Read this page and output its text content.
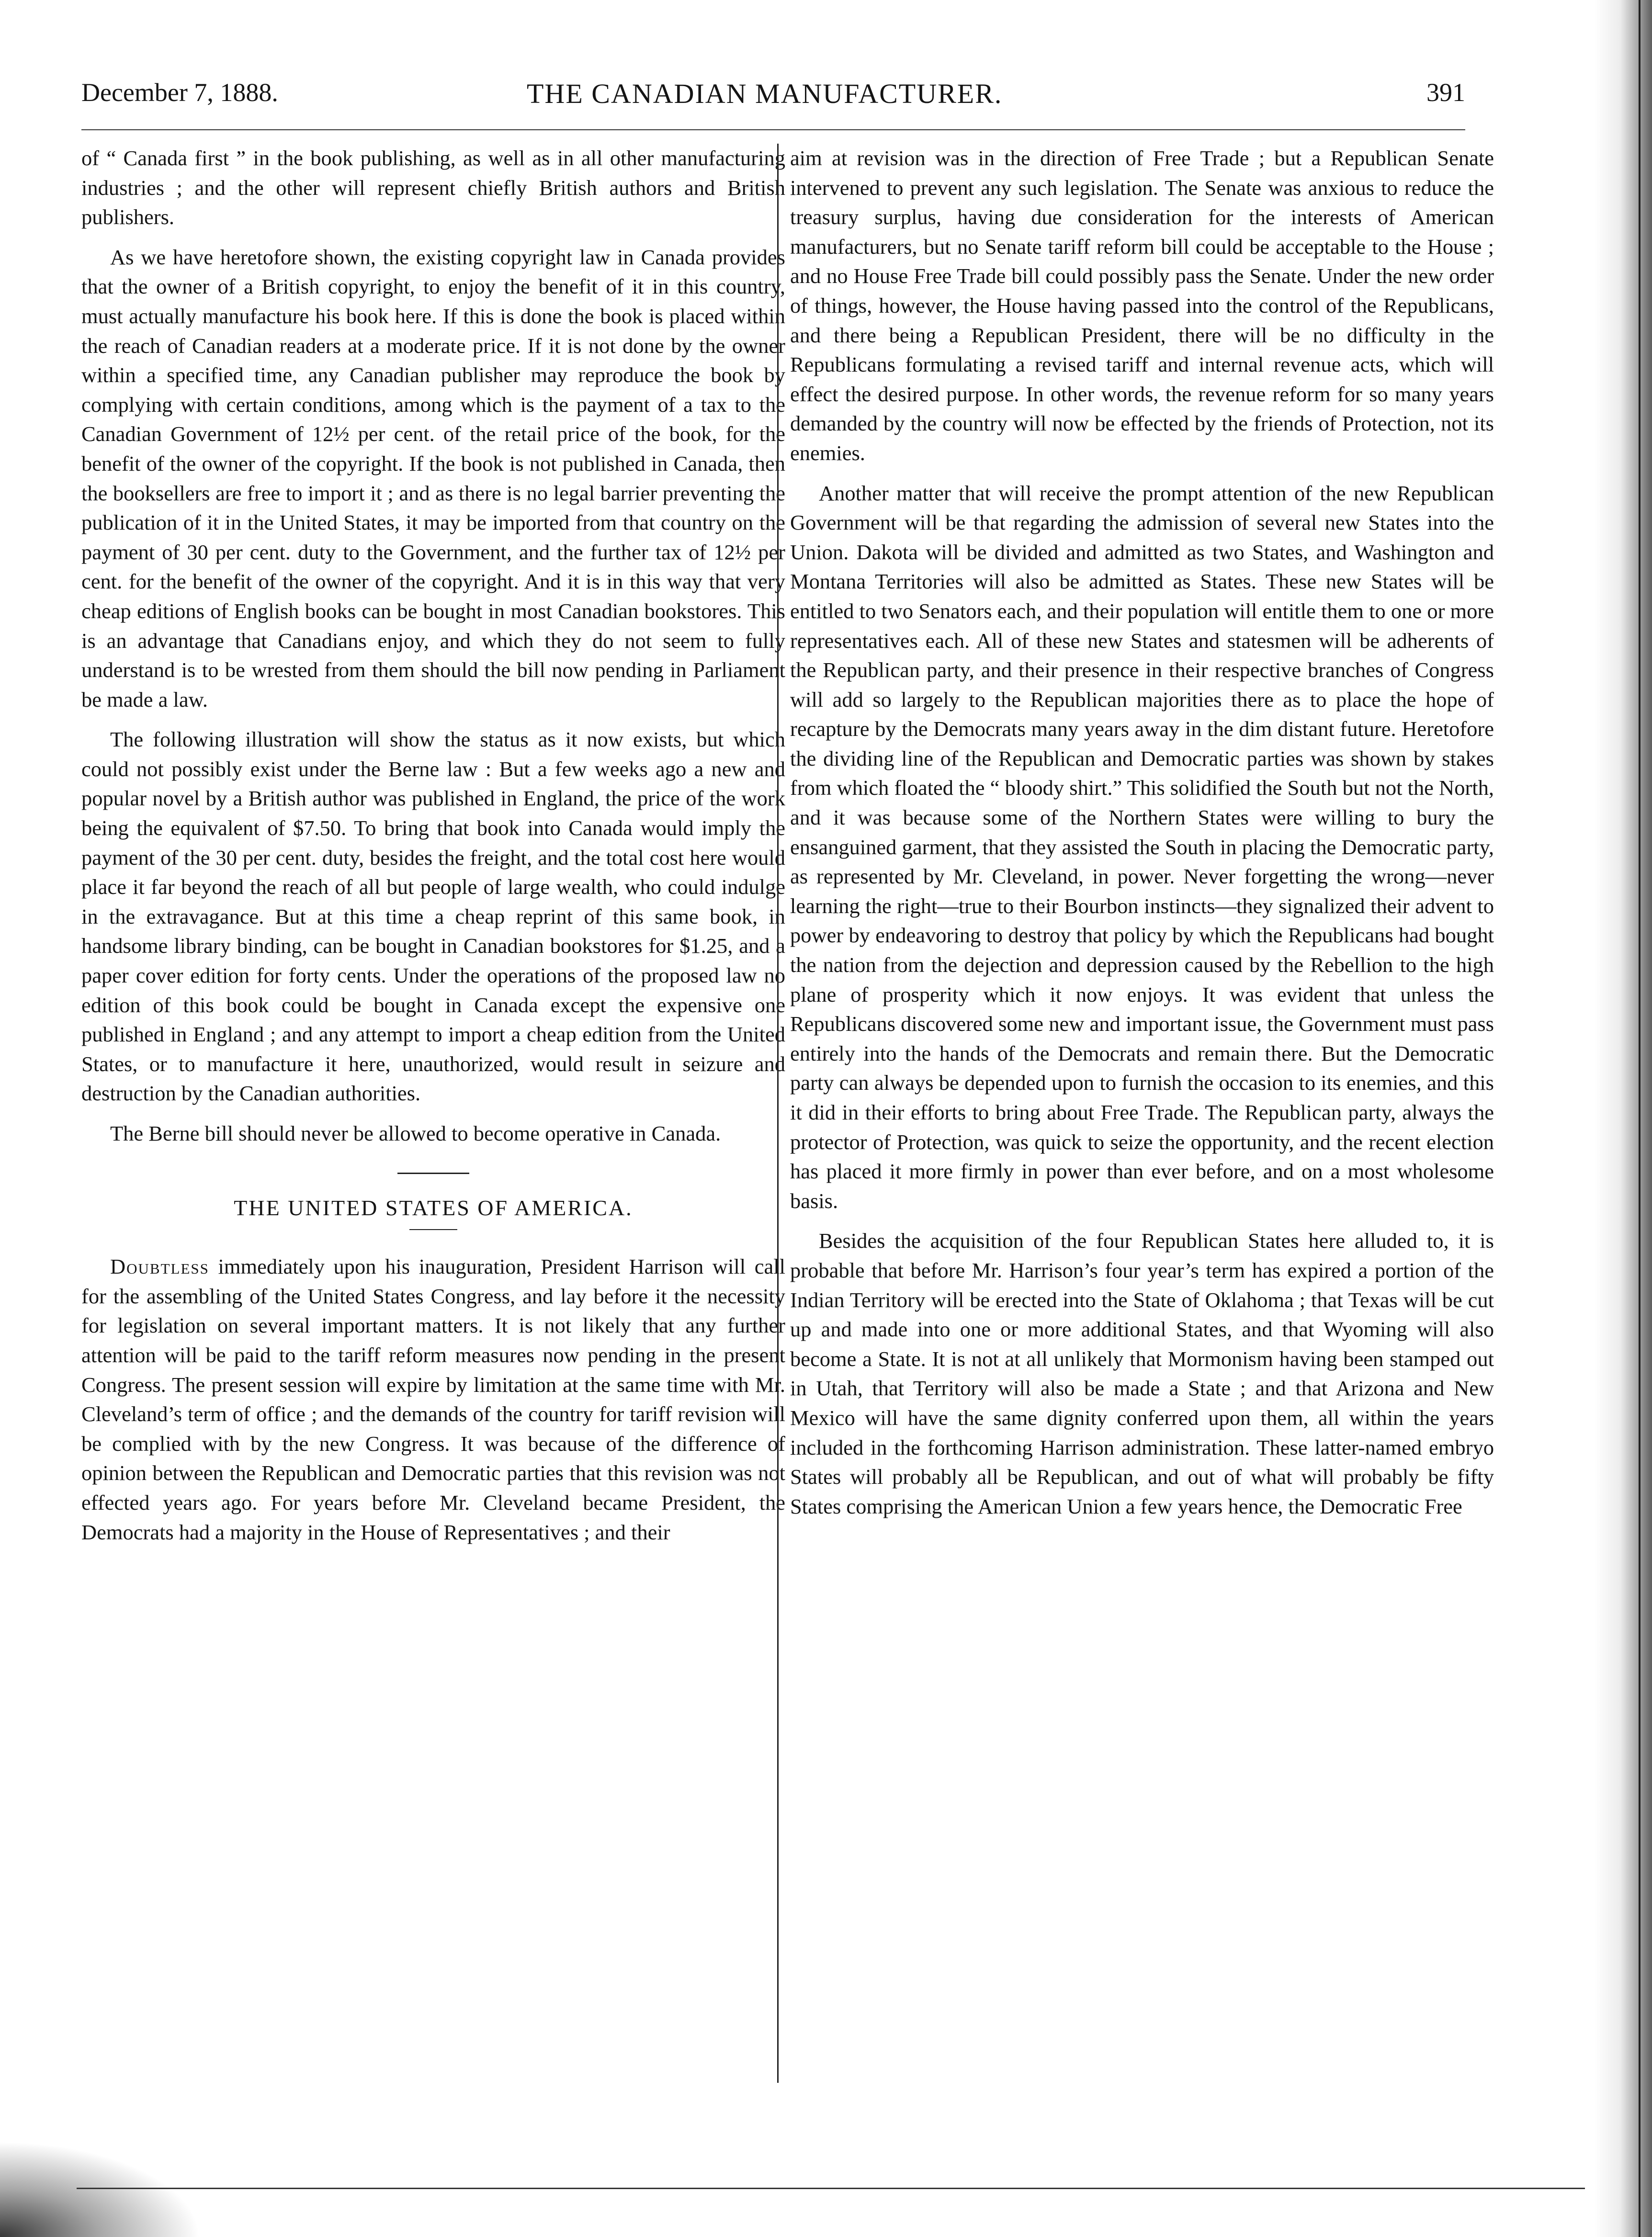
December 7, 1888.	THE CANADIAN MANUFACTURER.	391

of “ Canada first ” in the book publishing, as well as in all other manufacturing industries ; and the other will represent chiefly British authors and British publishers.

As we have heretofore shown, the existing copyright law in Canada provides that the owner of a British copyright, to enjoy the benefit of it in this country, must actually manufacture his book here. If this is done the book is placed within the reach of Canadian readers at a moderate price. If it is not done by the owner within a specified time, any Canadian publisher may reproduce the book by complying with certain conditions, among which is the payment of a tax to the Canadian Government of 12½ per cent. of the retail price of the book, for the benefit of the owner of the copyright. If the book is not published in Canada, then the booksellers are free to import it ; and as there is no legal barrier preventing the publication of it in the United States, it may be imported from that country on the payment of 30 per cent. duty to the Government, and the further tax of 12½ per cent. for the benefit of the owner of the copyright. And it is in this way that very cheap editions of English books can be bought in most Canadian bookstores. This is an advantage that Canadians enjoy, and which they do not seem to fully understand is to be wrested from them should the bill now pending in Parliament be made a law.

The following illustration will show the status as it now exists, but which could not possibly exist under the Berne law : But a few weeks ago a new and popular novel by a British author was published in England, the price of the work being the equivalent of $7.50. To bring that book into Canada would imply the payment of the 30 per cent. duty, besides the freight, and the total cost here would place it far beyond the reach of all but people of large wealth, who could indulge in the extravagance. But at this time a cheap reprint of this same book, in handsome library binding, can be bought in Canadian bookstores for $1.25, and a paper cover edition for forty cents. Under the operations of the proposed law no edition of this book could be bought in Canada except the expensive one published in England ; and any attempt to import a cheap edition from the United States, or to manufacture it here, unauthorized, would result in seizure and destruction by the Canadian authorities.

The Berne bill should never be allowed to become operative in Canada.

THE UNITED STATES OF AMERICA.

Doubtless immediately upon his inauguration, President Harrison will call for the assembling of the United States Congress, and lay before it the necessity for legislation on several important matters. It is not likely that any further attention will be paid to the tariff reform measures now pending in the present Congress. The present session will expire by limitation at the same time with Mr. Cleveland’s term of office ; and the demands of the country for tariff revision will be complied with by the new Congress. It was because of the difference of opinion between the Republican and Democratic parties that this revision was not effected years ago. For years before Mr. Cleveland became President, the Democrats had a majority in the House of Representatives ; and their

aim at revision was in the direction of Free Trade ; but a Republican Senate intervened to prevent any such legislation. The Senate was anxious to reduce the treasury surplus, having due consideration for the interests of American manufacturers, but no Senate tariff reform bill could be acceptable to the House ; and no House Free Trade bill could possibly pass the Senate. Under the new order of things, however, the House having passed into the control of the Republicans, and there being a Republican President, there will be no difficulty in the Republicans formulating a revised tariff and internal revenue acts, which will effect the desired purpose. In other words, the revenue reform for so many years demanded by the country will now be effected by the friends of Protection, not its enemies.

Another matter that will receive the prompt attention of the new Republican Government will be that regarding the admission of several new States into the Union. Dakota will be divided and admitted as two States, and Washington and Montana Territories will also be admitted as States. These new States will be entitled to two Senators each, and their population will entitle them to one or more representatives each. All of these new States and statesmen will be adherents of the Republican party, and their presence in their respective branches of Congress will add so largely to the Republican majorities there as to place the hope of recapture by the Democrats many years away in the dim distant future. Heretofore the dividing line of the Republican and Democratic parties was shown by stakes from which floated the “ bloody shirt.” This solidified the South but not the North, and it was because some of the Northern States were willing to bury the ensanguined garment, that they assisted the South in placing the Democratic party, as represented by Mr. Cleveland, in power. Never forgetting the wrong—never learning the right—true to their Bourbon instincts—they signalized their advent to power by endeavoring to destroy that policy by which the Republicans had bought the nation from the dejection and depression caused by the Rebellion to the high plane of prosperity which it now enjoys. It was evident that unless the Republicans discovered some new and important issue, the Government must pass entirely into the hands of the Democrats and remain there. But the Democratic party can always be depended upon to furnish the occasion to its enemies, and this it did in their efforts to bring about Free Trade. The Republican party, always the protector of Protection, was quick to seize the opportunity, and the recent election has placed it more firmly in power than ever before, and on a most wholesome basis.

Besides the acquisition of the four Republican States here alluded to, it is probable that before Mr. Harrison’s four year’s term has expired a portion of the Indian Territory will be erected into the State of Oklahoma ; that Texas will be cut up and made into one or more additional States, and that Wyoming will also become a State. It is not at all unlikely that Mormonism having been stamped out in Utah, that Territory will also be made a State ; and that Arizona and New Mexico will have the same dignity conferred upon them, all within the years included in the forthcoming Harrison administration. These latter-named embryo States will probably all be Republican, and out of what will probably be fifty States comprising the American Union a few years hence, the Democratic Free
